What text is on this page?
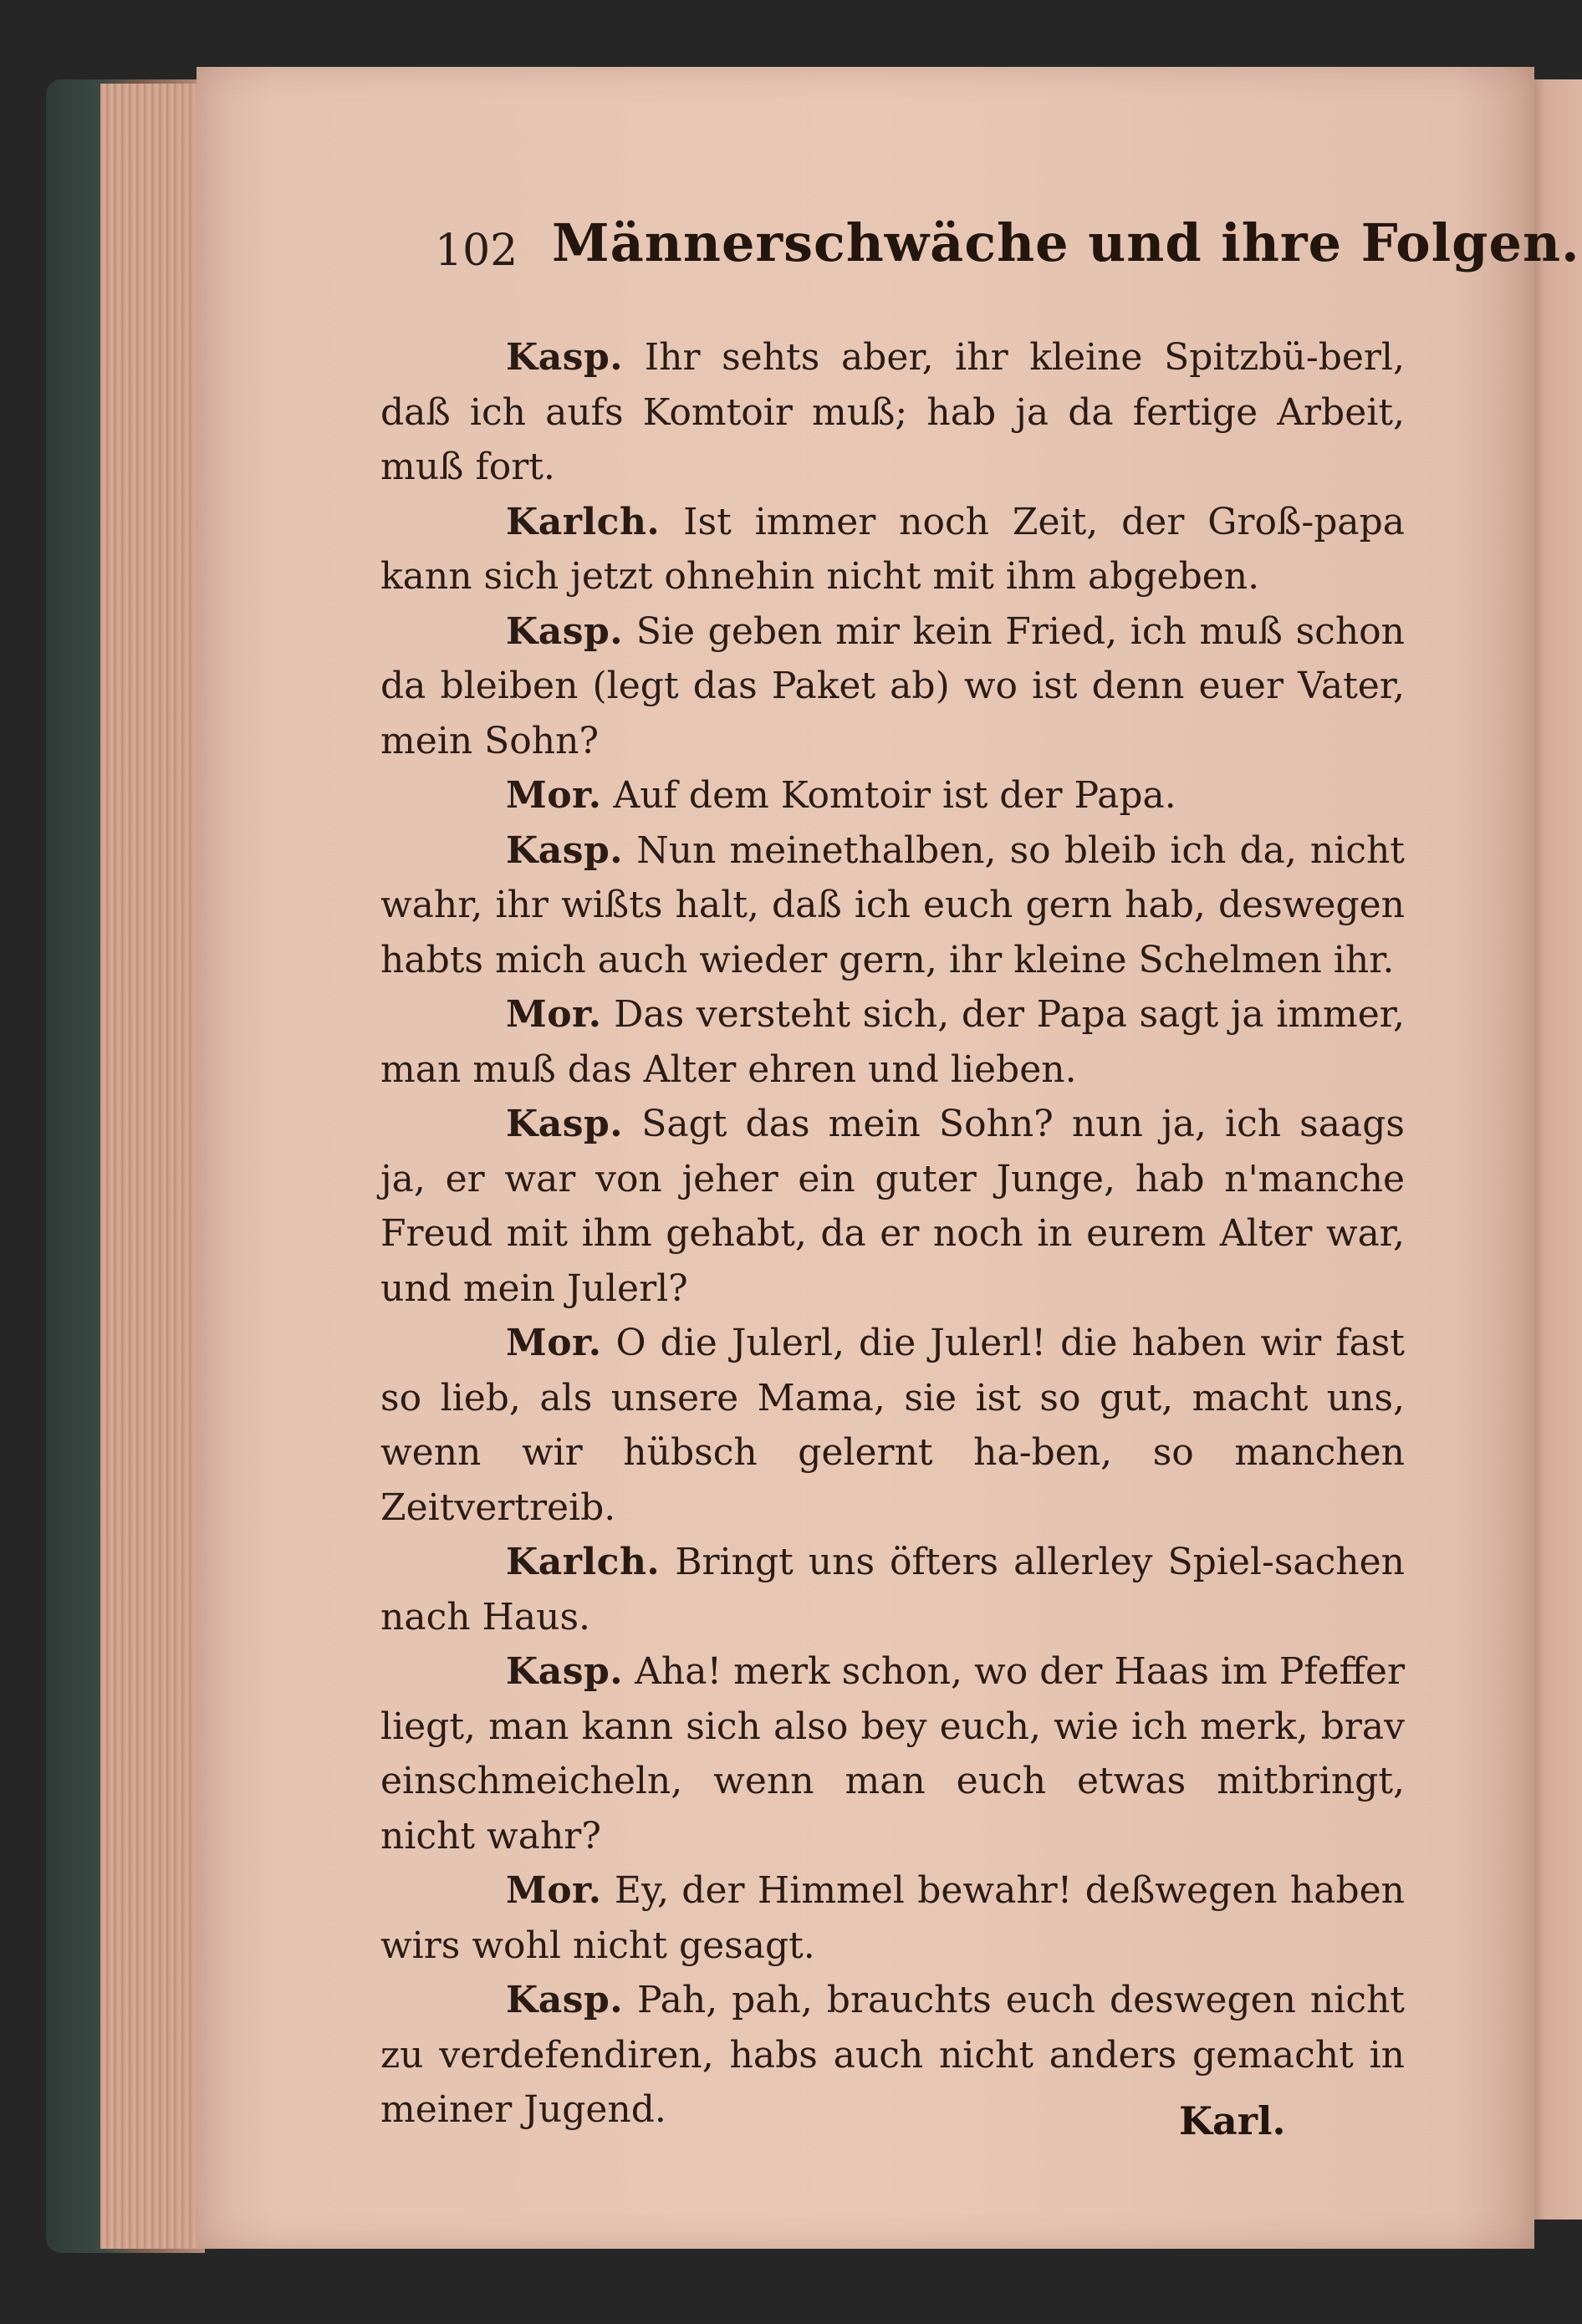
102 Männerschwäche und ihre Folgen.

Kasp. Ihr sehts aber, ihr kleine Spitzbü-berl, daß ich aufs Komtoir muß; hab ja da fertige Arbeit, muß fort.

Karlch. Ist immer noch Zeit, der Groß-papa kann sich jetzt ohnehin nicht mit ihm abgeben.

Kasp. Sie geben mir kein Fried, ich muß schon da bleiben (legt das Paket ab) wo ist denn euer Vater, mein Sohn?

Mor. Auf dem Komtoir ist der Papa.

Kasp. Nun meinethalben, so bleib ich da, nicht wahr, ihr wißts halt, daß ich euch gern hab, deswegen habts mich auch wieder gern, ihr kleine Schelmen ihr.

Mor. Das versteht sich, der Papa sagt ja immer, man muß das Alter ehren und lieben.

Kasp. Sagt das mein Sohn? nun ja, ich saags ja, er war von jeher ein guter Junge, hab n'manche Freud mit ihm gehabt, da er noch in eurem Alter war, und mein Julerl?

Mor. O die Julerl, die Julerl! die haben wir fast so lieb, als unsere Mama, sie ist so gut, macht uns, wenn wir hübsch gelernt ha-ben, so manchen Zeitvertreib.

Karlch. Bringt uns öfters allerley Spiel-sachen nach Haus.

Kasp. Aha! merk schon, wo der Haas im Pfeffer liegt, man kann sich also bey euch, wie ich merk, brav einschmeicheln, wenn man euch etwas mitbringt, nicht wahr?

Mor. Ey, der Himmel bewahr! deßwegen haben wirs wohl nicht gesagt.

Kasp. Pah, pah, brauchts euch deswegen nicht zu verdefendiren, habs auch nicht anders gemacht in meiner Jugend.	Karl.
